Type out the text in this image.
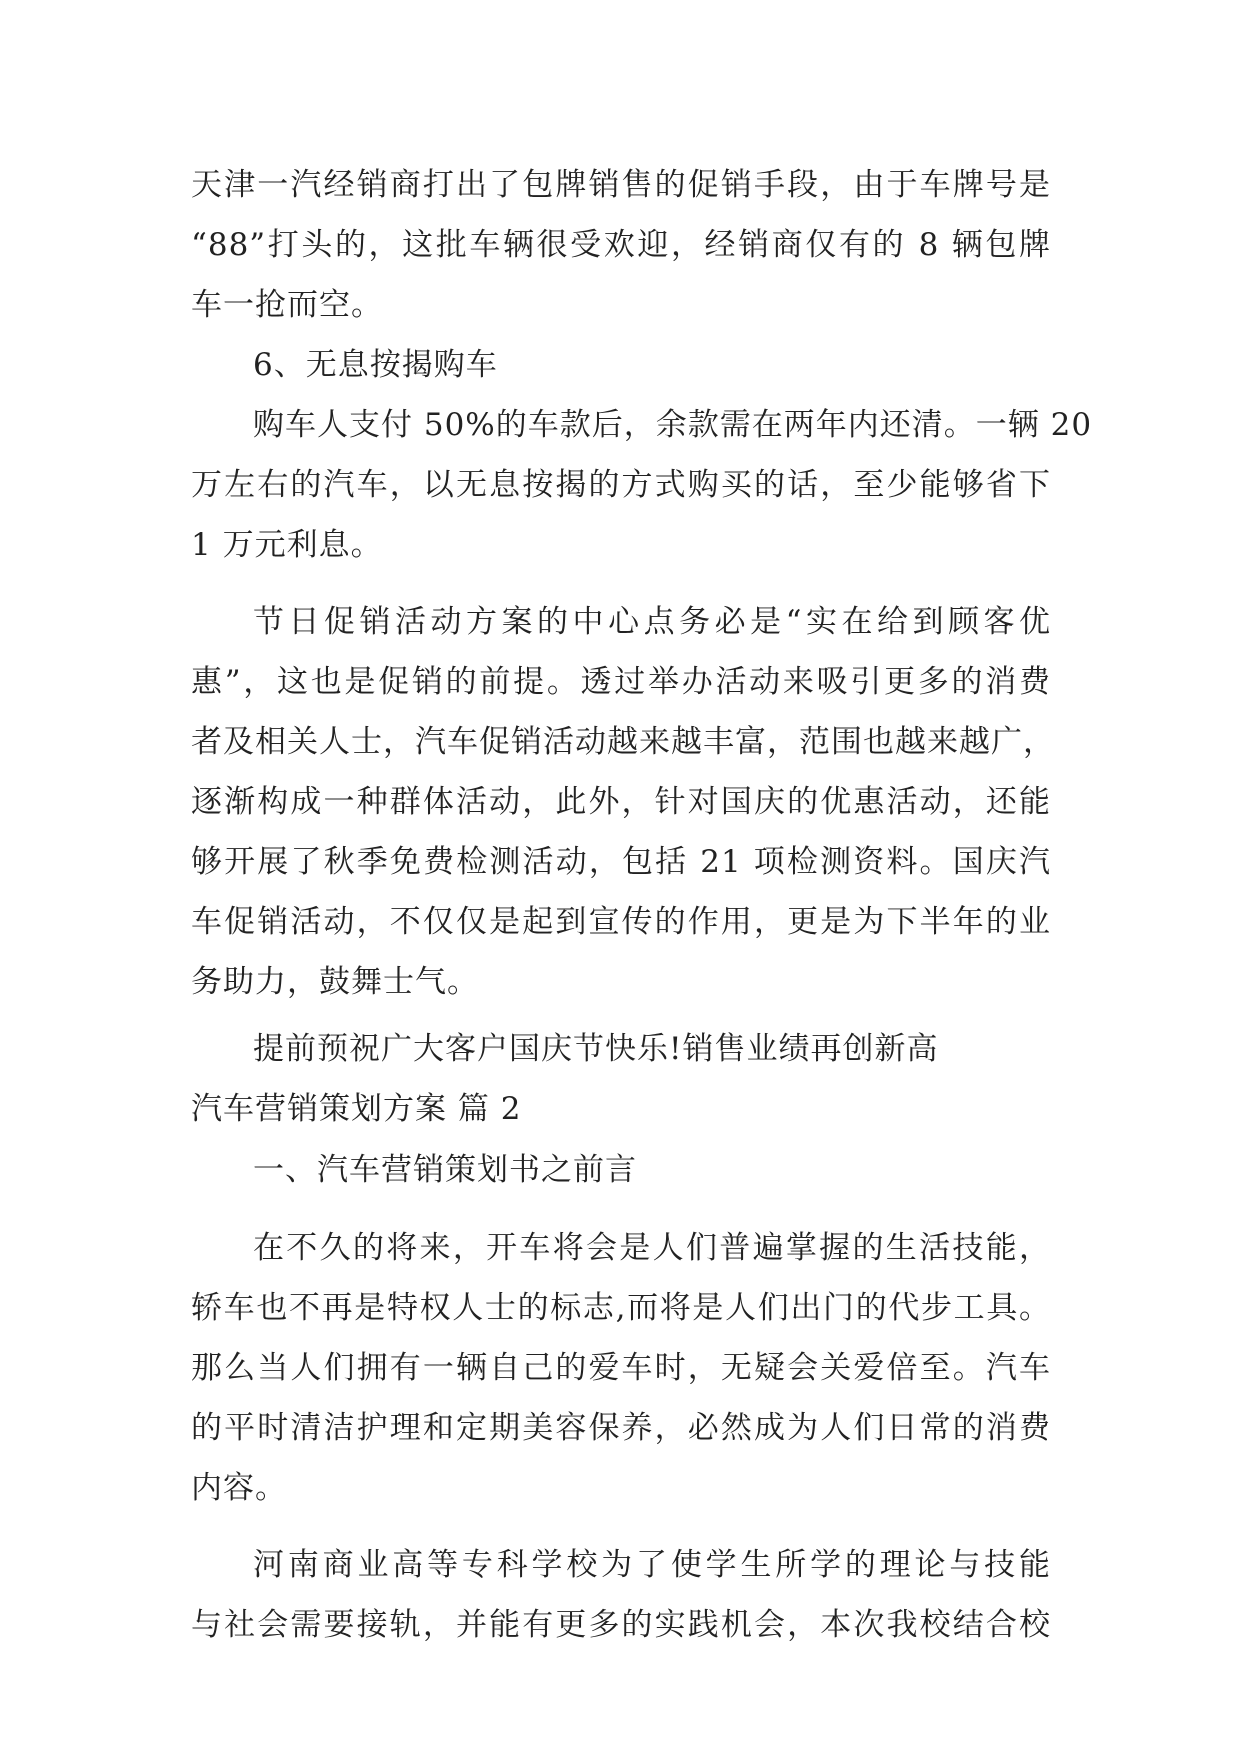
天津一汽经销商打出了包牌销售的促销手段，由于车牌号是
“88”打头的，这批车辆很受欢迎，经销商仅有的 8 辆包牌
车一抢而空。
6、无息按揭购车
购车人支付 50%的车款后，余款需在两年内还清。一辆 20
万左右的汽车，以无息按揭的方式购买的话，至少能够省下
1 万元利息。
节日促销活动方案的中心点务必是“实在给到顾客优
惠”，这也是促销的前提。透过举办活动来吸引更多的消费
者及相关人士，汽车促销活动越来越丰富，范围也越来越广，
逐渐构成一种群体活动，此外，针对国庆的优惠活动，还能
够开展了秋季免费检测活动，包括 21 项检测资料。国庆汽
车促销活动，不仅仅是起到宣传的作用，更是为下半年的业
务助力，鼓舞士气。
提前预祝广大客户国庆节快乐!销售业绩再创新高
汽车营销策划方案 篇 2
一、汽车营销策划书之前言
在不久的将来，开车将会是人们普遍掌握的生活技能，
轿车也不再是特权人士的标志,而将是人们出门的代步工具。
那么当人们拥有一辆自己的爱车时，无疑会关爱倍至。汽车
的平时清洁护理和定期美容保养，必然成为人们日常的消费
内容。
河南商业高等专科学校为了使学生所学的理论与技能
与社会需要接轨，并能有更多的实践机会，本次我校结合校
